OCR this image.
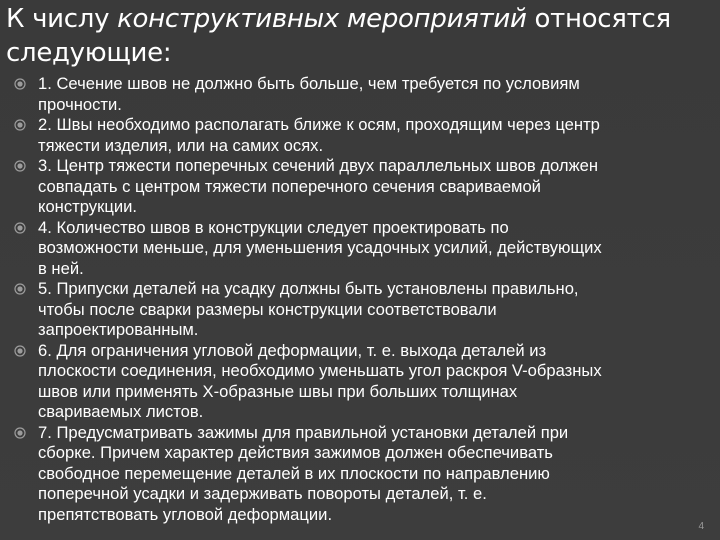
К числу конструктивных мероприятий относятся
следующие:
1. Сечение швов не должно быть больше, чем требуется по условиям
прочности.
2. Швы необходимо располагать ближе к осям, проходящим через центр
тяжести изделия, или на самих осях.
3. Центр тяжести поперечных сечений двух параллельных швов должен
совпадать с центром тяжести поперечного сечения свариваемой
конструкции.
4. Количество швов в конструкции следует проектировать по
возможности меньше, для уменьшения усадочных усилий, действующих
в ней.
5. Припуски деталей на усадку должны быть установлены правильно,
чтобы после сварки размеры конструкции соответствовали
запроектированным.
6. Для ограничения угловой деформации, т. е. выхода деталей из
плоскости соединения, необходимо уменьшать угол раскроя V-образных
швов или применять Х-образные швы при больших толщинах
свариваемых листов.
7. Предусматривать зажимы для правильной установки деталей при
сборке. Причем характер действия зажимов должен обеспечивать
свободное перемещение деталей в их плоскости по направлению
поперечной усадки и задерживать повороты деталей, т. е.
препятствовать угловой деформации.
4
